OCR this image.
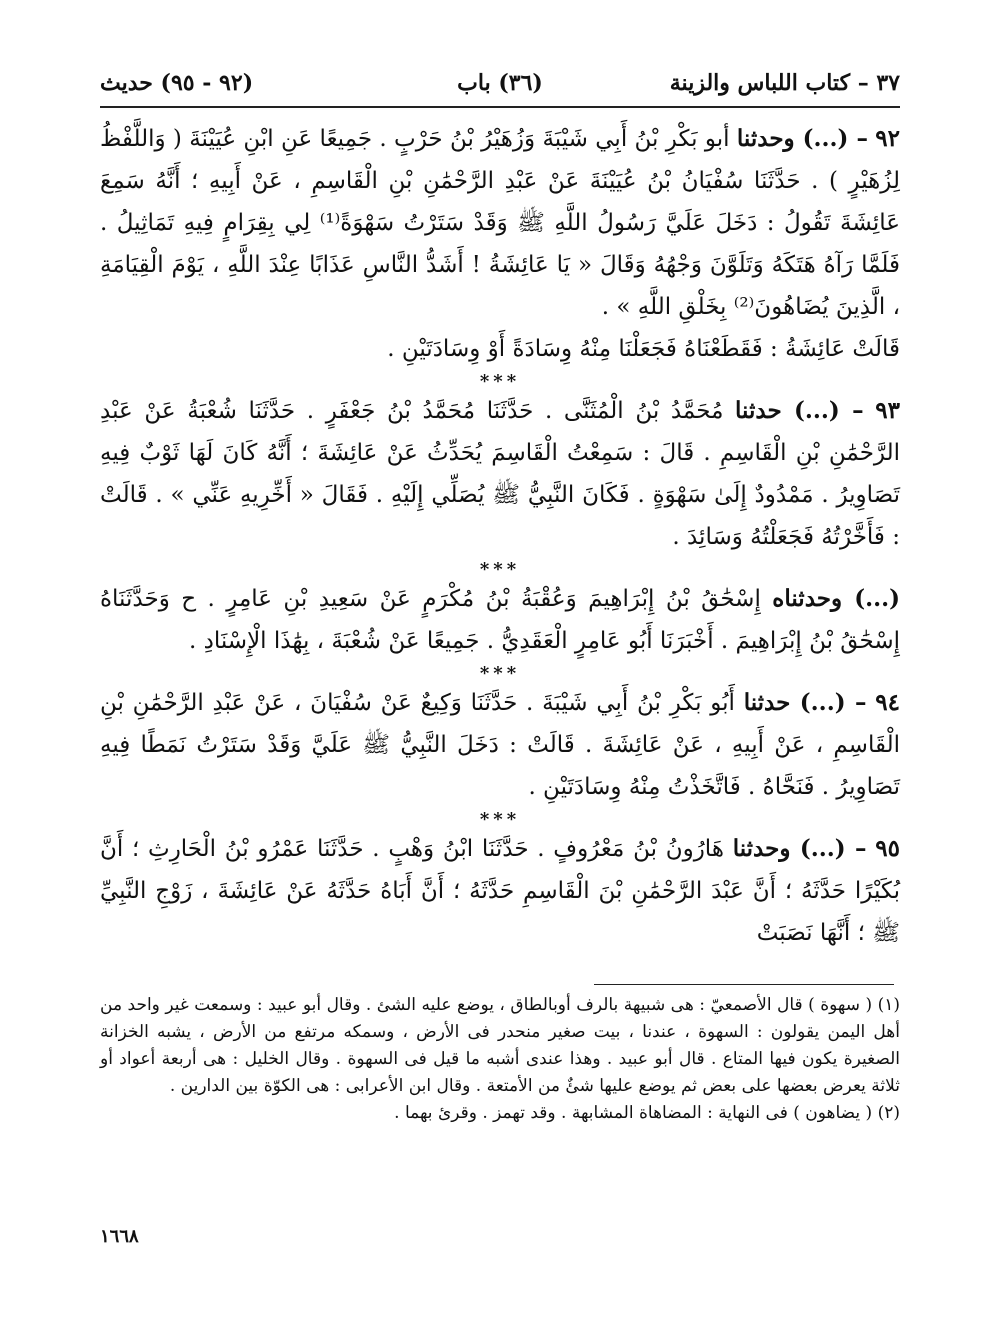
٣٧ – كتاب اللباس والزينة
(٣٦) باب
(٩٢ - ٩٥) حديث

٩٢ – (...) وحدثنا أبو بَكْرِ بْنُ أَبِي شَيْبَةَ وَزُهَيْرُ بْنُ حَرْبٍ . جَمِيعًا عَنِ ابْنِ عُيَيْنَةَ ( وَاللَّفْظُ لِزُهَيْرٍ ) . حَدَّثَنَا سُفْيَانُ بْنُ عُيَيْنَةَ عَنْ عَبْدِ الرَّحْمَٰنِ بْنِ الْقَاسِمِ ، عَنْ أَبِيهِ ؛ أَنَّهُ سَمِعَ عَائِشَةَ تَقُولُ : دَخَلَ عَلَيَّ رَسُولُ اللَّهِ ﷺ وَقَدْ سَتَرْتُ سَهْوَةً⁽¹⁾ لِي بِقِرَامٍ فِيهِ تَمَاثِيلُ . فَلَمَّا رَآهُ هَتَكَهُ وَتَلَوَّنَ وَجْهُهُ وَقَالَ « يَا عَائِشَةُ ! أَشَدُّ النَّاسِ عَذَابًا عِنْدَ اللَّهِ ، يَوْمَ الْقِيَامَةِ ، الَّذِينَ يُضَاهُونَ⁽²⁾ بِخَلْقِ اللَّهِ » .

قَالَتْ عَائِشَةُ : فَقَطَعْنَاهُ فَجَعَلْنَا مِنْهُ وِسَادَةً أَوْ وِسَادَتَيْنِ .

***

٩٣ – (...) حدثنا مُحَمَّدُ بْنُ الْمُثَنَّى . حَدَّثَنَا مُحَمَّدُ بْنُ جَعْفَرٍ . حَدَّثَنَا شُعْبَةُ عَنْ عَبْدِ الرَّحْمَٰنِ بْنِ الْقَاسِمِ . قَالَ : سَمِعْتُ الْقَاسِمَ يُحَدِّثُ عَنْ عَائِشَةَ ؛ أَنَّهُ كَانَ لَهَا ثَوْبٌ فِيهِ تَصَاوِيرُ . مَمْدُودٌ إِلَىٰ سَهْوَةٍ . فَكَانَ النَّبِيُّ ﷺ يُصَلِّي إِلَيْهِ . فَقَالَ « أَخِّرِيهِ عَنِّي » . قَالَتْ : فَأَخَّرْتُهُ فَجَعَلْتُهُ وَسَائِدَ .

***

(...) وحدثناه إِسْحَٰقُ بْنُ إِبْرَاهِيمَ وَعُقْبَةُ بْنُ مُكْرَمٍ عَنْ سَعِيدِ بْنِ عَامِرٍ . ح وَحَدَّثَنَاهُ إِسْحَٰقُ بْنُ إِبْرَاهِيمَ . أَخْبَرَنَا أَبُو عَامِرٍ الْعَقَدِيُّ . جَمِيعًا عَنْ شُعْبَةَ ، بِهَٰذَا الْإِسْنَادِ .

***

٩٤ – (...) حدثنا أَبُو بَكْرِ بْنُ أَبِي شَيْبَةَ . حَدَّثَنَا وَكِيعٌ عَنْ سُفْيَانَ ، عَنْ عَبْدِ الرَّحْمَٰنِ بْنِ الْقَاسِمِ ، عَنْ أَبِيهِ ، عَنْ عَائِشَةَ . قَالَتْ : دَخَلَ النَّبِيُّ ﷺ عَلَيَّ وَقَدْ سَتَرْتُ نَمَطًا فِيهِ تَصَاوِيرُ . فَنَحَّاهُ . فَاتَّخَذْتُ مِنْهُ وِسَادَتَيْنِ .

***

٩٥ – (...) وحدثنا هَارُونُ بْنُ مَعْرُوفٍ . حَدَّثَنَا ابْنُ وَهْبٍ . حَدَّثَنَا عَمْرُو بْنُ الْحَارِثِ ؛ أَنَّ بُكَيْرًا حَدَّثَهُ ؛ أَنَّ عَبْدَ الرَّحْمَٰنِ بْنَ الْقَاسِمِ حَدَّثَهُ ؛ أَنَّ أَبَاهُ حَدَّثَهُ عَنْ عَائِشَةَ ، زَوْجِ النَّبِيِّ ﷺ ؛ أَنَّهَا نَصَبَتْ

(١) ( سهوة ) قال الأصمعيّ : هى شبيهة بالرف أوبالطاق ، يوضع عليه الشئ . وقال أبو عبيد : وسمعت غير واحد من أهل اليمن يقولون : السهوة ، عندنا ، بيت صغير منحدر فى الأرض ، وسمكه مرتفع من الأرض ، يشبه الخزانة الصغيرة يكون فيها المتاع . قال أبو عبيد . وهذا عندى أشبه ما قيل فى السهوة . وقال الخليل : هى أربعة أعواد أو ثلاثة يعرض بعضها على بعض ثم يوضع عليها شئٌ من الأمتعة . وقال ابن الأعرابى : هى الكوّة بين الدارين .

(٢) ( يضاهون ) فى النهاية : المضاهاة المشابهة . وقد تهمز . وقرئ بهما .

١٦٦٨
